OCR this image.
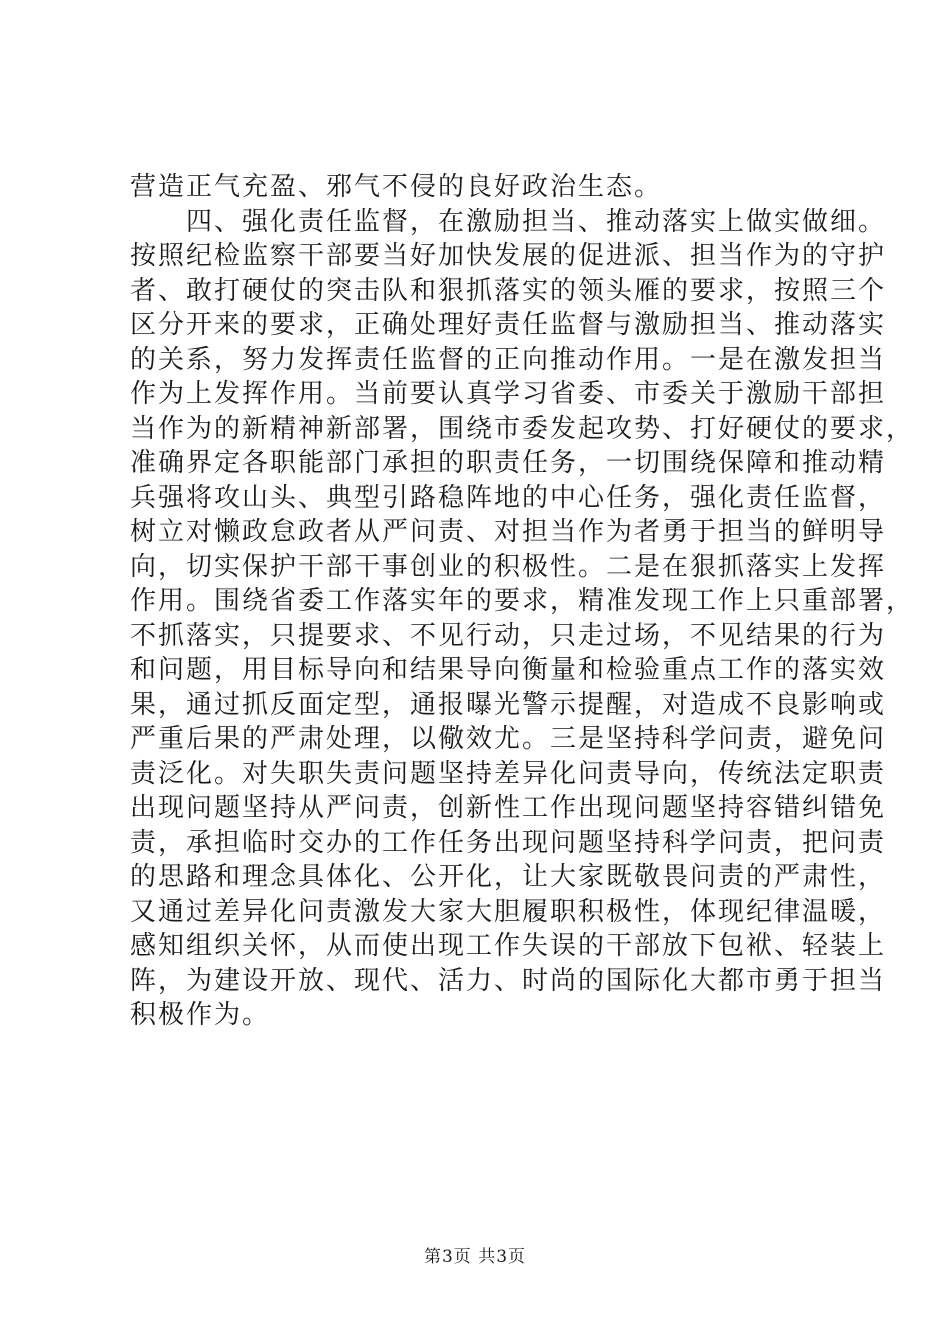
营造正气充盈、邪气不侵的良好政治生态。
　　四、强化责任监督，在激励担当、推动落实上做实做细。
按照纪检监察干部要当好加快发展的促进派、担当作为的守护
者、敢打硬仗的突击队和狠抓落实的领头雁的要求，按照三个
区分开来的要求，正确处理好责任监督与激励担当、推动落实
的关系，努力发挥责任监督的正向推动作用。一是在激发担当
作为上发挥作用。当前要认真学习省委、市委关于激励干部担
当作为的新精神新部署，围绕市委发起攻势、打好硬仗的要求，
准确界定各职能部门承担的职责任务，一切围绕保障和推动精
兵强将攻山头、典型引路稳阵地的中心任务，强化责任监督，
树立对懒政怠政者从严问责、对担当作为者勇于担当的鲜明导
向，切实保护干部干事创业的积极性。二是在狠抓落实上发挥
作用。围绕省委工作落实年的要求，精准发现工作上只重部署，
不抓落实，只提要求、不见行动，只走过场，不见结果的行为
和问题，用目标导向和结果导向衡量和检验重点工作的落实效
果，通过抓反面定型，通报曝光警示提醒，对造成不良影响或
严重后果的严肃处理，以儆效尤。三是坚持科学问责，避免问
责泛化。对失职失责问题坚持差异化问责导向，传统法定职责
出现问题坚持从严问责，创新性工作出现问题坚持容错纠错免
责，承担临时交办的工作任务出现问题坚持科学问责，把问责
的思路和理念具体化、公开化，让大家既敬畏问责的严肃性，
又通过差异化问责激发大家大胆履职积极性，体现纪律温暖，
感知组织关怀，从而使出现工作失误的干部放下包袱、轻装上
阵，为建设开放、现代、活力、时尚的国际化大都市勇于担当
积极作为。
第3页 共3页
